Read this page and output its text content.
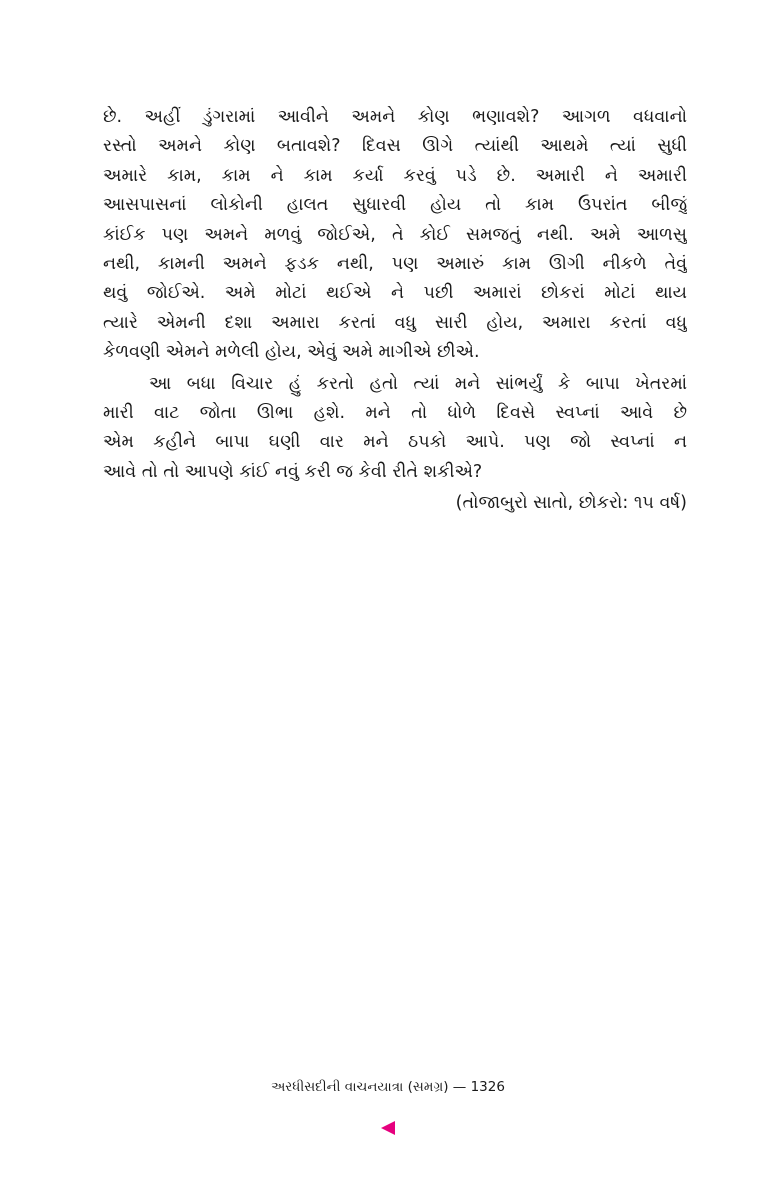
છે. અહીં ડુંગરામાં આવીને અમને કોણ ભણાવશે? આગળ વધવાનો
રસ્તો અમને કોણ બતાવશે? દિવસ ઊગે ત્યાંથી આથમે ત્યાં સુધી
અમારે કામ, કામ ને કામ કર્યા કરવું પડે છે. અમારી ને અમારી
આસપાસનાં લોકોની હાલત સુધારવી હોય તો કામ ઉપરાંત બીજું
કાંઈક પણ અમને મળવું જોઈએ, તે કોઈ સમજતું નથી. અમે આળસુ
નથી, કામની અમને ફડક નથી, પણ અમારું કામ ઊગી નીકળે તેવું
થવું જોઈએ. અમે મોટાં થઈએ ને પછી અમારાં છોકરાં મોટાં થાય
ત્યારે એમની દશા અમારા કરતાં વધુ સારી હોય, અમારા કરતાં વધુ
કેળવણી એમને મળેલી હોય, એવું અમે માગીએ છીએ.
આ બધા વિચાર હું કરતો હતો ત્યાં મને સાંભર્યું કે બાપા ખેતરમાં
મારી વાટ જોતા ઊભા હશે. મને તો ધોળે દિવસે સ્વપ્નાં આવે છે
એમ કહીને બાપા ઘણી વાર મને ઠપકો આપે. પણ જો સ્વપ્નાં ન
આવે તો તો આપણે કાંઈ નવું કરી જ કેવી રીતે શકીએ?
(તોજાબુરો સાતો, છોકરો: ૧૫ વર્ષ)
અરધીસદીની વાચનયાત્રા (સમગ્ર) — 1326
